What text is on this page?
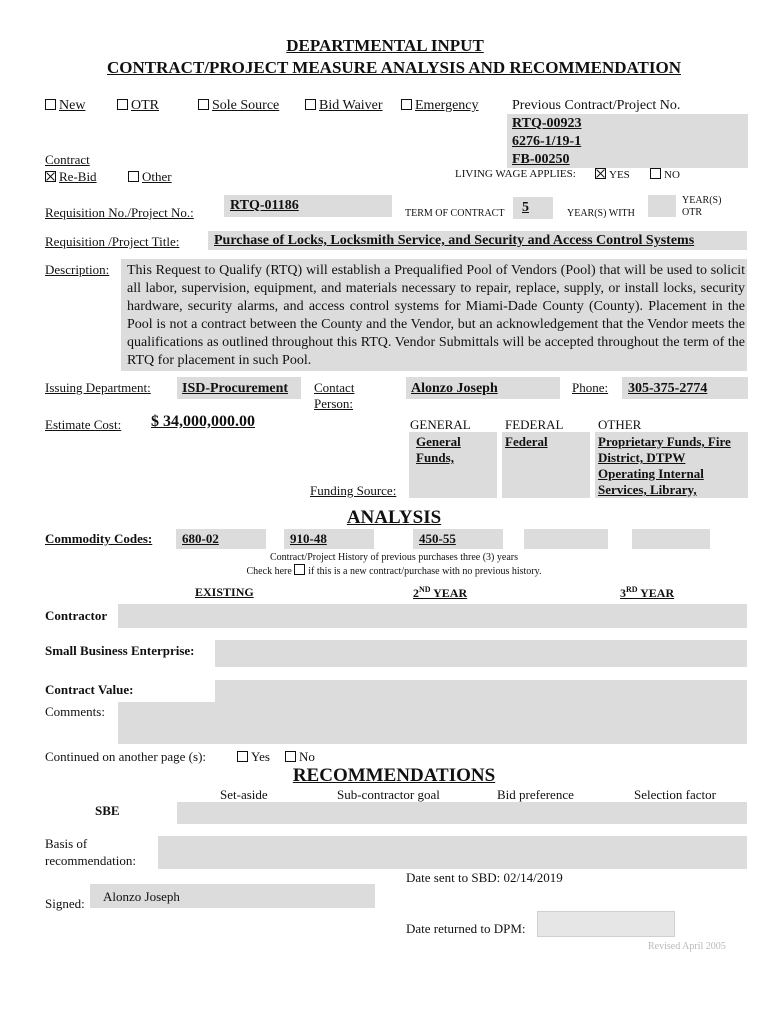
DEPARTMENTAL INPUT
CONTRACT/PROJECT MEASURE ANALYSIS AND RECOMMENDATION
New	OTR	Sole Source	Bid Waiver	Emergency Previous Contract/Project No.
RTQ-00923
6276-1/19-1
FB-00250
Contract
Re-Bid	Other	LIVING WAGE APPLIES:	YES	NO
Requisition No./Project No.:	RTQ-01186
TERM OF CONTRACT 5	YEAR(S) WITH
YEAR(S)
OTR
Requisition /Project Title: Purchase of Locks, Locksmith Service, and Security and Access Control Systems
Description: This Request to Qualify (RTQ) will establish a Prequalified Pool of Vendors (Pool) that will be used to solicit all labor, supervision, equipment, and materials necessary to repair, replace, supply, or install locks, security hardware, security alarms, and access control systems for Miami-Dade County (County). Placement in the Pool is not a contract between the County and the Vendor, but an acknowledgement that the Vendor meets the qualifications as outlined throughout this RTQ. Vendor Submittals will be accepted throughout the term of the RTQ for placement in such Pool.
Issuing Department: ISD-Procurement Contact
Person:
Alonzo Joseph	Phone: 305-375-2774
Estimate Cost: $ 34,000,000.00	GENERAL	FEDERAL	OTHER
General
Funds,
Federal	Proprietary Funds, Fire
District, DTPW
Operating Internal
Services, Library,
Funding Source:
ANALYSIS
Commodity Codes: 680-02	910-48	450-55
Contract/Project History of previous purchases three (3) years
Check here if this is a new contract/purchase with no previous history.
EXISTING	2ND YEAR	3RD YEAR
Contractor
Small Business Enterprise:
Contract Value:
Comments:
Continued on another page (s):	Yes	No
RECOMMENDATIONS
Set-aside	Sub-contractor goal	Bid preference	Selection factor
SBE
Basis of
recommendation:
Date sent to SBD: 02/14/2019
Signed: Alonzo Joseph
Date returned to DPM:
Revised April 2005
